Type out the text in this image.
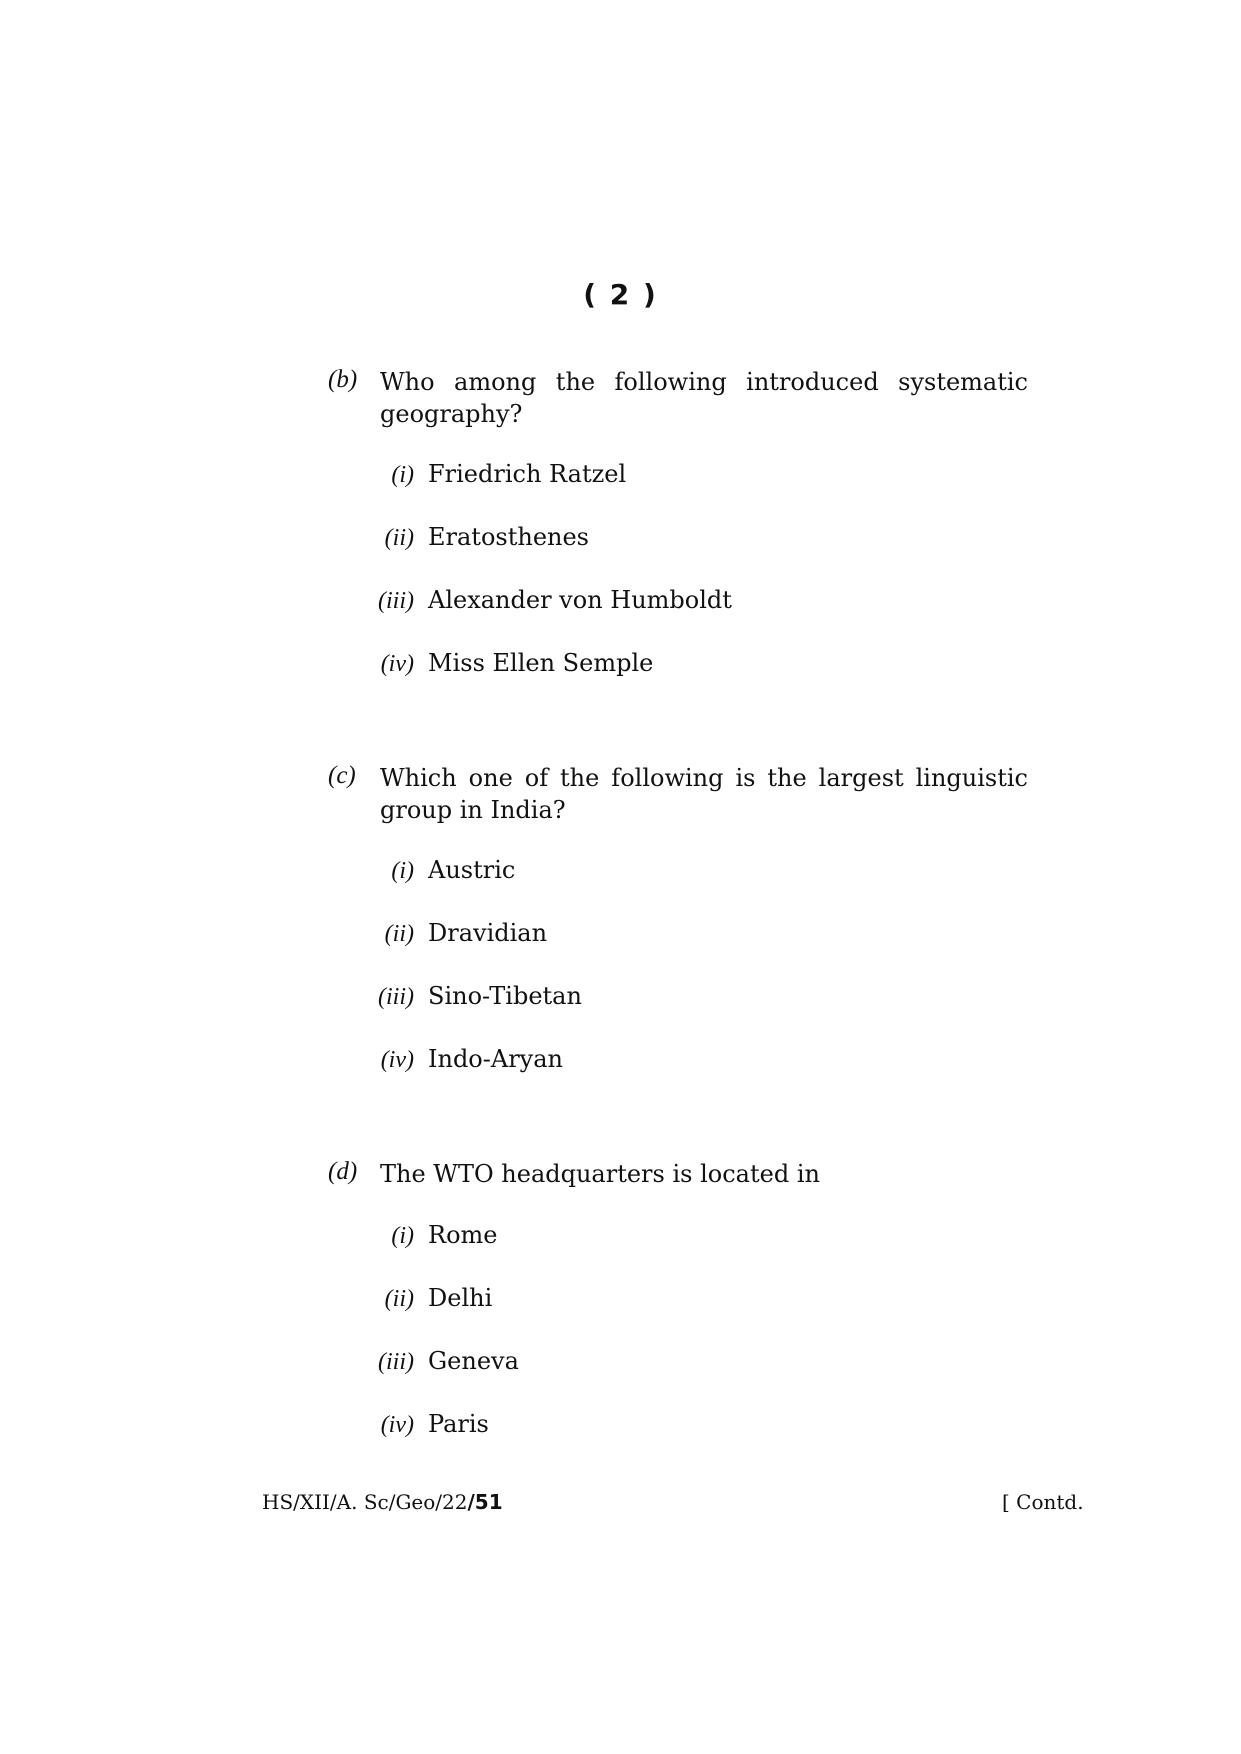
( 2 )
(b) Who among the following introduced systematic geography?
(i) Friedrich Ratzel
(ii) Eratosthenes
(iii) Alexander von Humboldt
(iv) Miss Ellen Semple
(c) Which one of the following is the largest linguistic group in India?
(i) Austric
(ii) Dravidian
(iii) Sino-Tibetan
(iv) Indo-Aryan
(d) The WTO headquarters is located in
(i) Rome
(ii) Delhi
(iii) Geneva
(iv) Paris
HS/XII/A. Sc/Geo/22/51	[ Contd.
